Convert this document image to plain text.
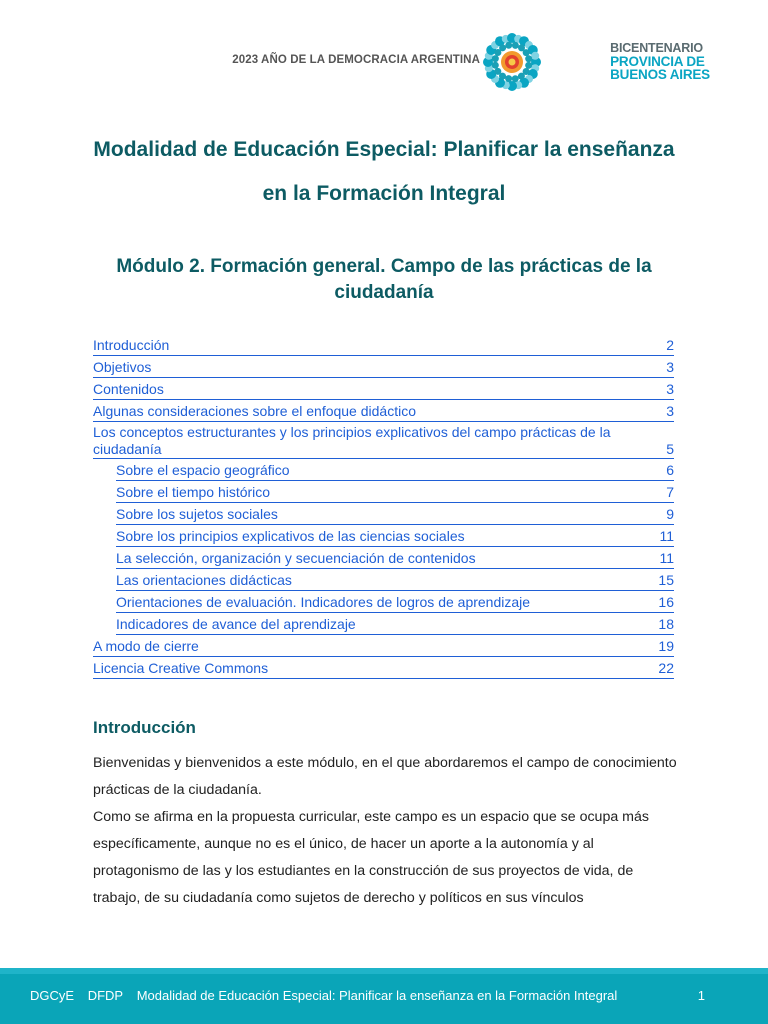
2023 AÑO DE LA DEMOCRACIA ARGENTINA
BICENTENARIO
PROVINCIA DE
BUENOS AIRES
Modalidad de Educación Especial: Planificar la enseñanza en la Formación Integral
Módulo 2. Formación general. Campo de las prácticas de la ciudadanía
Introducción	2
Objetivos	3
Contenidos	3
Algunas consideraciones sobre el enfoque didáctico	3
Los conceptos estructurantes y los principios explicativos del campo prácticas de la ciudadanía	5
Sobre el espacio geográfico	6
Sobre el tiempo histórico	7
Sobre los sujetos sociales	9
Sobre los principios explicativos de las ciencias sociales	11
La selección, organización y secuenciación de contenidos	11
Las orientaciones didácticas	15
Orientaciones de evaluación. Indicadores de logros de aprendizaje	16
Indicadores de avance del aprendizaje	18
A modo de cierre	19
Licencia Creative Commons	22
Introducción

Bienvenidas y bienvenidos a este módulo, en el que abordaremos el campo de conocimiento prácticas de la ciudadanía.

Como se afirma en la propuesta curricular, este campo es un espacio que se ocupa más específicamente, aunque no es el único, de hacer un aporte a la autonomía y al protagonismo de las y los estudiantes en la construcción de sus proyectos de vida, de trabajo, de su ciudadanía como sujetos de derecho y políticos en sus vínculos

DGCyE DFDP Modalidad de Educación Especial: Planificar la enseñanza en la Formación Integral	1
